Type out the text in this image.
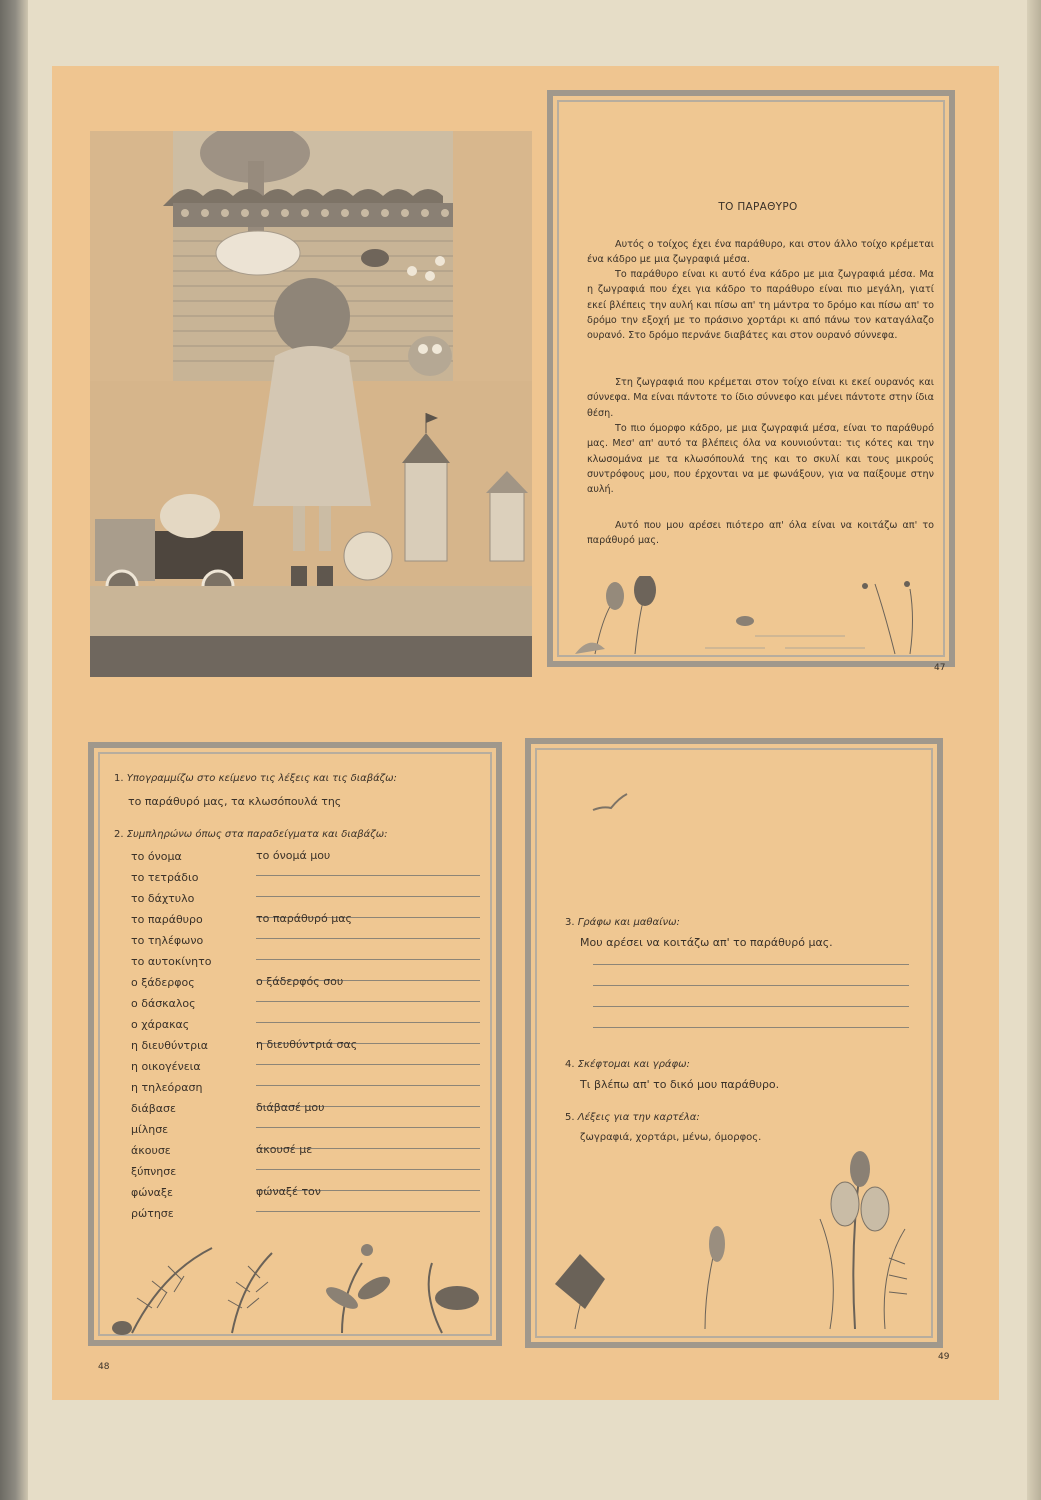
ΤΟ ΠΑΡΑΘΥΡΟ

Αυτός ο τοίχος έχει ένα παράθυρο, και στον άλλο τοίχο κρέμεται ένα κάδρο με μια ζωγραφιά μέσα.

Το παράθυρο είναι κι αυτό ένα κάδρο με μια ζωγραφιά μέσα. Μα η ζωγραφιά που έχει για κάδρο το παράθυρο είναι πιο μεγάλη, γιατί εκεί βλέπεις την αυλή και πίσω απ' τη μάντρα το δρόμο και πίσω απ' το δρόμο την εξοχή με το πράσινο χορτάρι κι από πάνω τον καταγάλαζο ουρανό. Στο δρόμο περνάνε διαβάτες και στον ουρανό σύννεφα.

Στη ζωγραφιά που κρέμεται στον τοίχο είναι κι εκεί ουρανός και σύννεφα. Μα είναι πάντοτε το ίδιο σύννεφο και μένει πάντοτε στην ίδια θέση.

Το πιο όμορφο κάδρο, με μια ζωγραφιά μέσα, είναι το παράθυρό μας. Μεσ' απ' αυτό τα βλέπεις όλα να κουνιούνται: τις κότες και την κλωσομάνα με τα κλωσόπουλά της και το σκυλί και τους μικρούς συντρόφους μου, που έρχονται να με φωνάξουν, για να παίξουμε στην αυλή.

Αυτό που μου αρέσει πιότερο απ' όλα είναι να κοιτάζω απ' το παράθυρό μας.

47
1. Υπογραμμίζω στο κείμενο τις λέξεις και τις διαβάζω:
το παράθυρό μας, τα κλωσόπουλά της
2. Συμπληρώνω όπως στα παραδείγματα και διαβάζω:
το όνομα	το όνομά μου
το τετράδιο
το δάχτυλο
το παράθυρο	το παράθυρό μας
το τηλέφωνο
το αυτοκίνητο
ο ξάδερφος	ο ξάδερφός σου
ο δάσκαλος
ο χάρακας
η διευθύντρια	η διευθύντριά σας
η οικογένεια
η τηλεόραση
διάβασε	διάβασέ μου
μίλησε
άκουσε	άκουσέ με
ξύπνησε
φώναξε	φώναξέ τον
ρώτησε
48
3. Γράφω και μαθαίνω:
Μου αρέσει να κοιτάζω απ' το παράθυρό μας.
4. Σκέφτομαι και γράφω:
Τι βλέπω απ' το δικό μου παράθυρο.
5. Λέξεις για την καρτέλα:
ζωγραφιά, χορτάρι, μένω, όμορφος.
49
